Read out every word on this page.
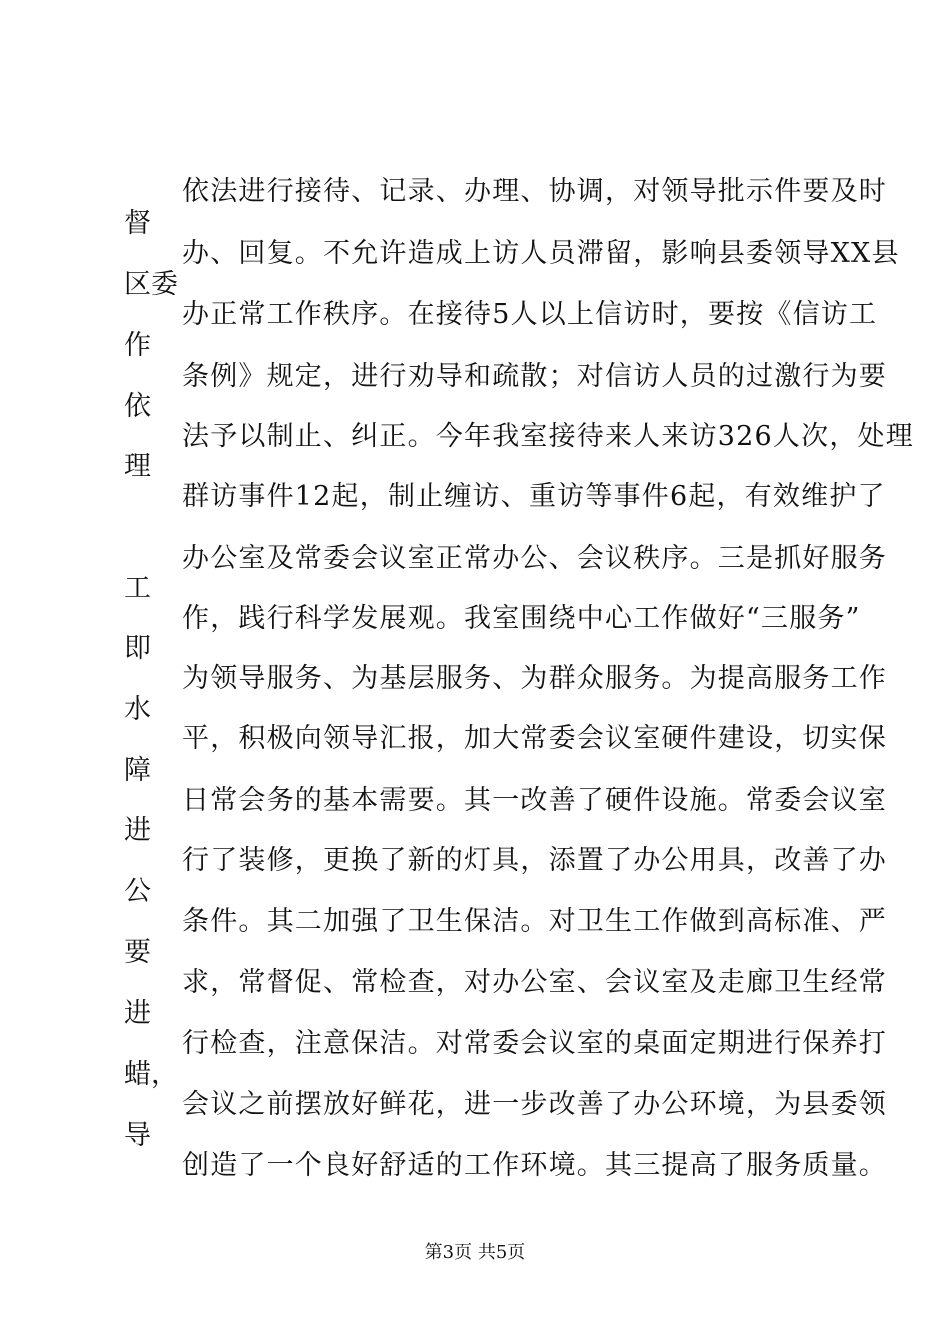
依法进行接待、记录、办理、协调，对领导批示件要及时
办、回复。不允许造成上访人员滞留，影响县委领导XX县
办正常工作秩序。在接待5人以上信访时，要按《信访工
条例》规定，进行劝导和疏散；对信访人员的过激行为要
法予以制止、纠正。今年我室接待来人来访326人次，处理
群访事件12起，制止缠访、重访等事件6起，有效维护了
办公室及常委会议室正常办公、会议秩序。三是抓好服务
作，践行科学发展观。我室围绕中心工作做好“三服务”
为领导服务、为基层服务、为群众服务。为提高服务工作
平，积极向领导汇报，加大常委会议室硬件建设，切实保
日常会务的基本需要。其一改善了硬件设施。常委会议室
行了装修，更换了新的灯具，添置了办公用具，改善了办
条件。其二加强了卫生保洁。对卫生工作做到高标准、严
求，常督促、常检查，对办公室、会议室及走廊卫生经常
行检查，注意保洁。对常委会议室的桌面定期进行保养打
会议之前摆放好鲜花，进一步改善了办公环境，为县委领
创造了一个良好舒适的工作环境。其三提高了服务质量。
督
区委
作
依
理
工
即
水
障
进
公
要
进
蜡，
导
第3页 共5页
